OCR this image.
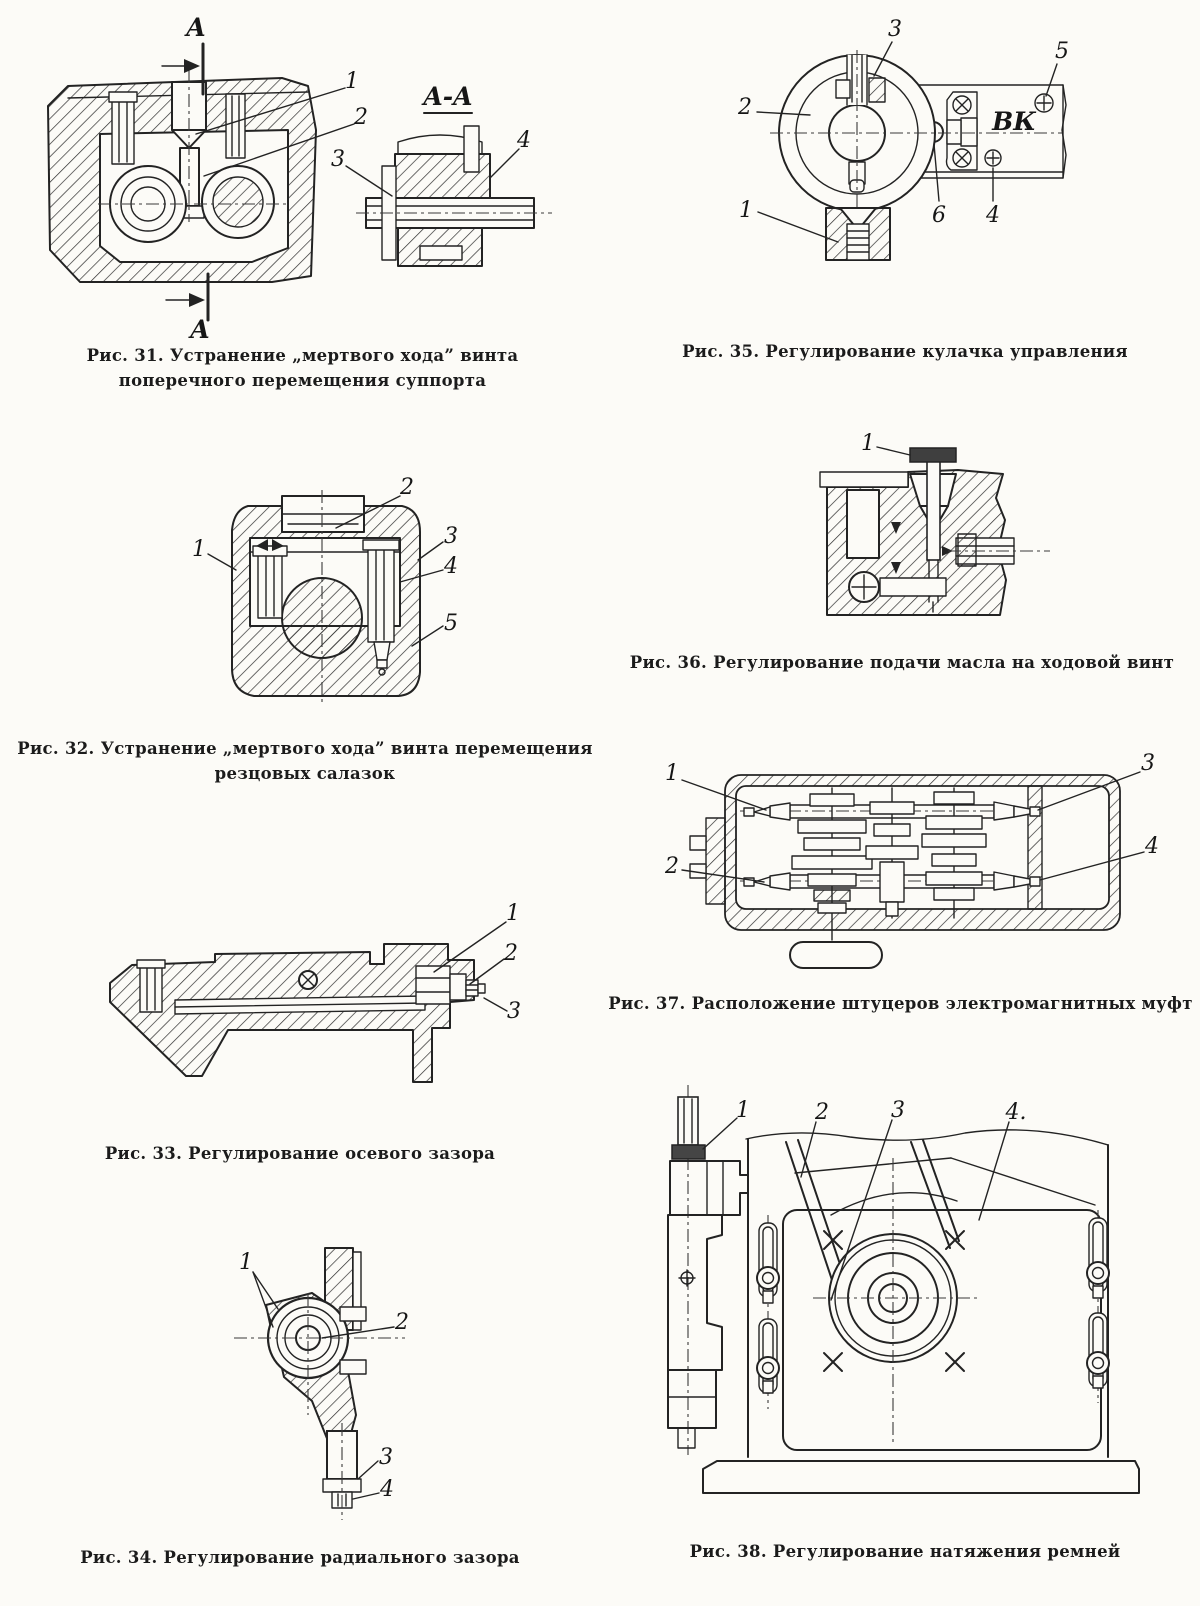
A
A
1
2
A-A
3
4
Рис. 31. Устранение „мертвого хода” винта поперечного перемещения суппорта
ВК
3
5
2
1	6 4
Рис. 35. Регулирование кулачка управления
1
2
3
4
5
Рис. 32. Устранение „мертвого хода” винта перемещения резцовых салазок
1
Рис. 36. Регулирование подачи масла на ходовой винт
1
2
3
4
Рис. 37. Расположение штуцеров электромагнитных муфт
1
2
3
Рис. 33. Регулирование осевого зазора
1
2
3
4
Рис. 34. Регулирование радиального зазора
1	2	3	4.
Рис. 38. Регулирование натяжения ремней
